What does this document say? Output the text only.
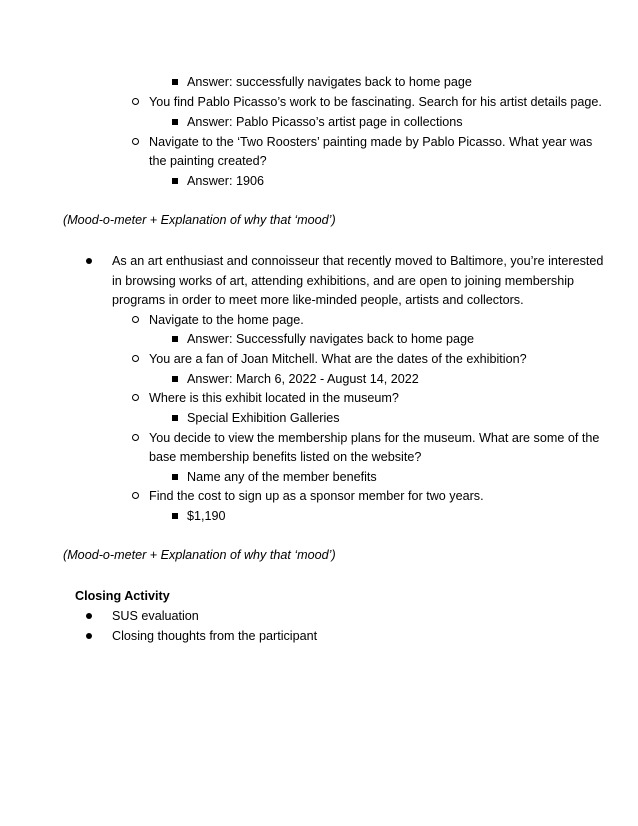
Answer: successfully navigates back to home page
You find Pablo Picasso’s work to be fascinating. Search for his artist details page.
Answer: Pablo Picasso’s artist page in collections
Navigate to the ‘Two Roosters’ painting made by Pablo Picasso. What year was
the painting created?
Answer: 1906
(Mood-o-meter + Explanation of why that ‘mood’)
As an art enthusiast and connoisseur that recently moved to Baltimore, you’re interested
in browsing works of art, attending exhibitions, and are open to joining membership
programs in order to meet more like-minded people, artists and collectors.
Navigate to the home page.
Answer: Successfully navigates back to home page
You are a fan of Joan Mitchell. What are the dates of the exhibition?
Answer: March 6, 2022 - August 14, 2022
Where is this exhibit located in the museum?
Special Exhibition Galleries
You decide to view the membership plans for the museum. What are some of the
base membership benefits listed on the website?
Name any of the member benefits
Find the cost to sign up as a sponsor member for two years.
$1,190
(Mood-o-meter + Explanation of why that ‘mood’)
Closing Activity
SUS evaluation
Closing thoughts from the participant
